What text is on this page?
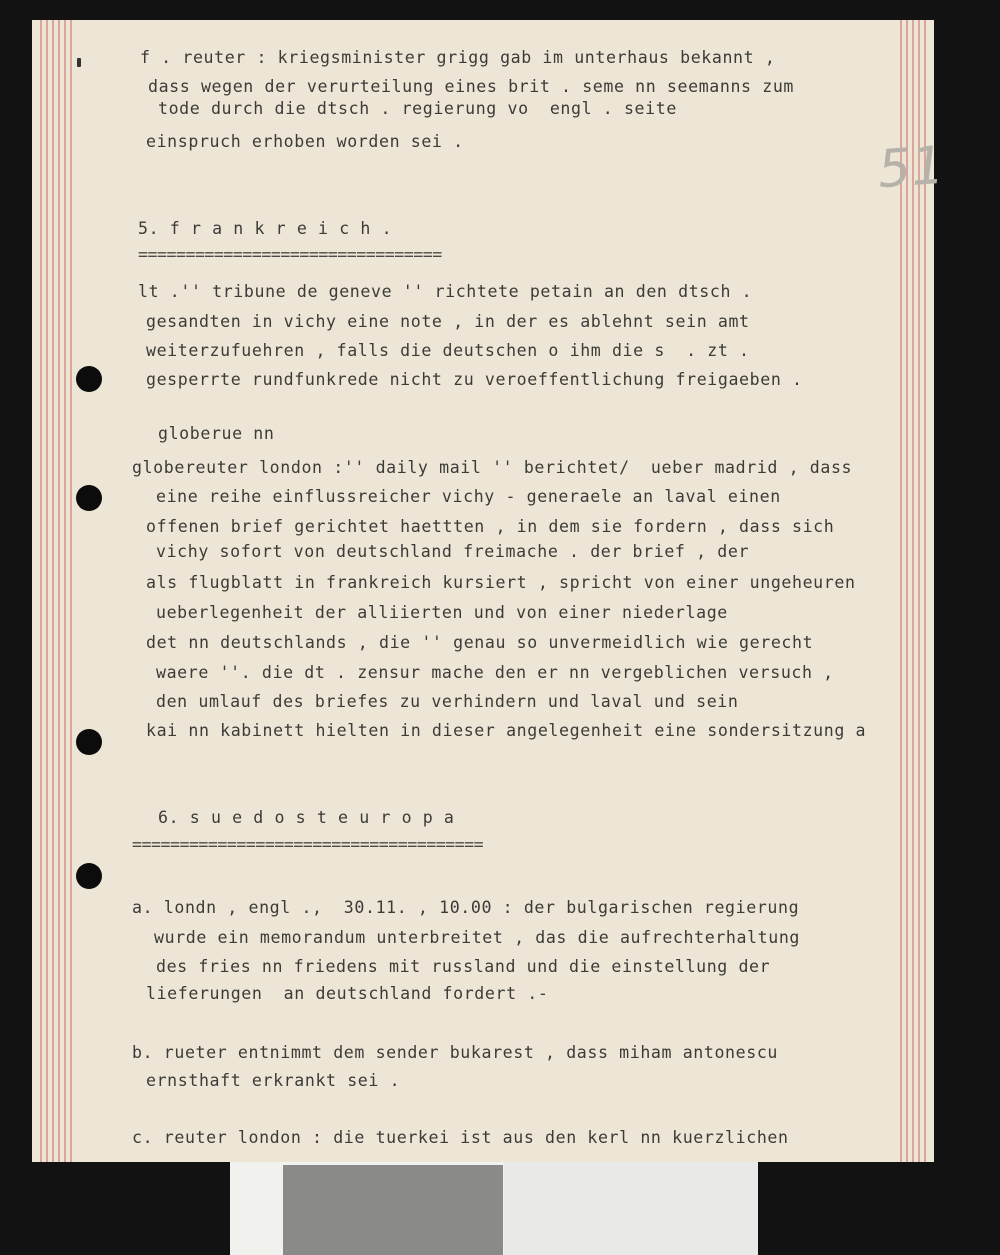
51
f . reuter : kriegsminister grigg gab im unterhaus bekannt ,
dass wegen der verurteilung eines brit . seme nn seemanns zum
tode durch die dtsch . regierung vo  engl . seite
einspruch erhoben worden sei .
5. f r a n k r e i c h .
================================
lt .'' tribune de geneve '' richtete petain an den dtsch .
gesandten in vichy eine note , in der es ablehnt sein amt
weiterzufuehren , falls die deutschen o ihm die s  . zt .
gesperrte rundfunkrede nicht zu veroeffentlichung freigaeben .
globerue nn
globereuter london :'' daily mail '' berichtet/  ueber madrid , dass
eine reihe einflussreicher vichy - generaele an laval einen
offenen brief gerichtet haettten , in dem sie fordern , dass sich
vichy sofort von deutschland freimache . der brief , der
als flugblatt in frankreich kursiert , spricht von einer ungeheuren
ueberlegenheit der alliierten und von einer niederlage
det nn deutschlands , die '' genau so unvermeidlich wie gerecht
waere ''. die dt . zensur mache den er nn vergeblichen versuch ,
den umlauf des briefes zu verhindern und laval und sein
kai nn kabinett hielten in dieser angelegenheit eine sondersitzung a
6. s u e d o s t e u r o p a
=====================================
a. londn , engl .,  30.11. , 10.00 : der bulgarischen regierung
wurde ein memorandum unterbreitet , das die aufrechterhaltung
des fries nn friedens mit russland und die einstellung der
lieferungen  an deutschland fordert .-
b. rueter entnimmt dem sender bukarest , dass miham antonescu
ernsthaft erkrankt sei .
c. reuter london : die tuerkei ist aus den kerl nn kuerzlichen
